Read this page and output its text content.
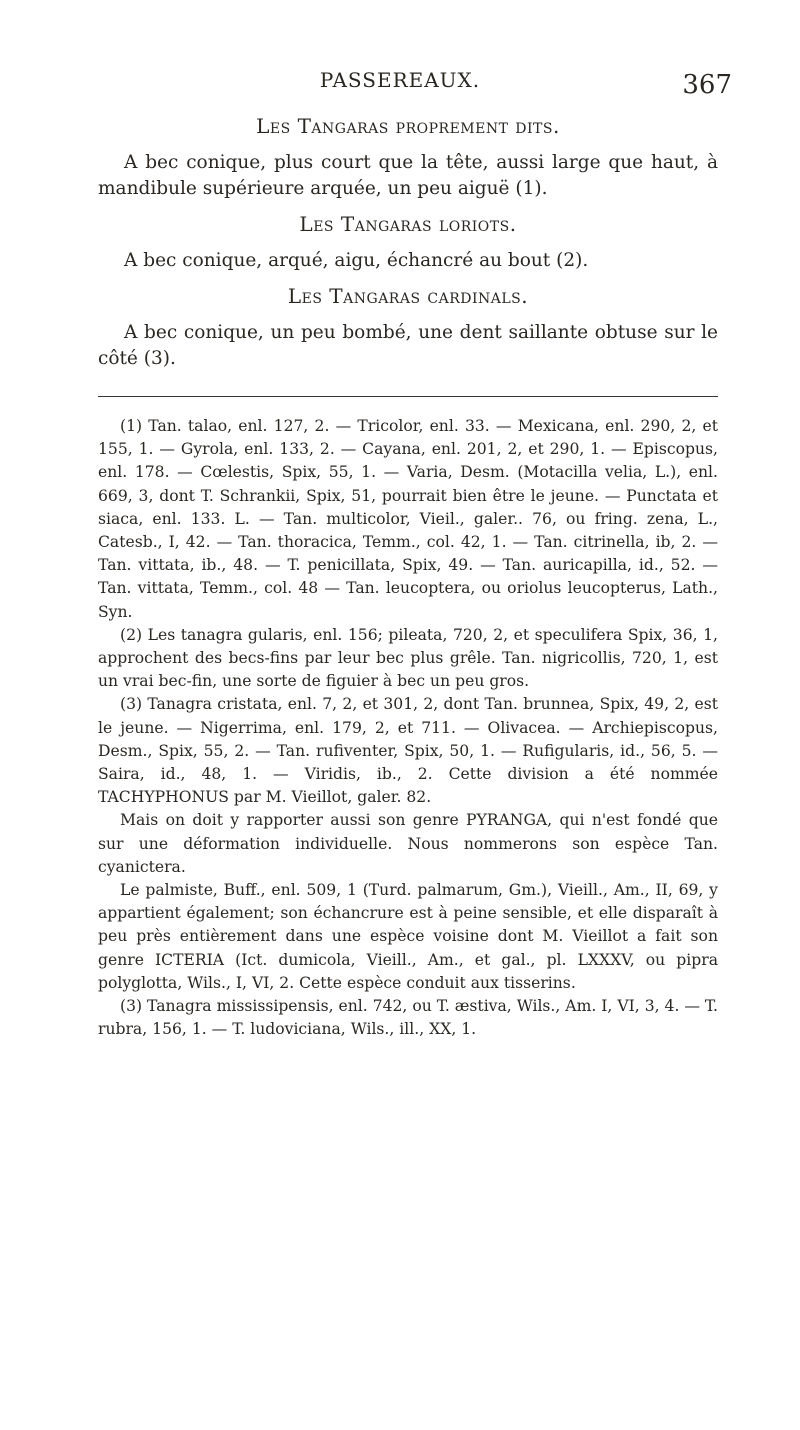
PASSEREAUX.	367
Les Tangaras proprement dits.

A bec conique, plus court que la tête, aussi large que haut, à mandibule supérieure arquée, un peu aiguë (1).

Les Tangaras loriots.

A bec conique, arqué, aigu, échancré au bout (2).

Les Tangaras cardinals.

A bec conique, un peu bombé, une dent saillante obtuse sur le côté (3).

(1) Tan. talao, enl. 127, 2. — Tricolor, enl. 33. — Mexicana, enl. 290, 2, et 155, 1. — Gyrola, enl. 133, 2. — Cayana, enl. 201, 2, et 290, 1. — Episcopus, enl. 178. — Cœlestis, Spix, 55, 1. — Varia, Desm. (Motacilla velia, L.), enl. 669, 3, dont T. Schrankii, Spix, 51, pourrait bien être le jeune. — Punctata et siaca, enl. 133. L. — Tan. multicolor, Vieil., galer.. 76, ou fring. zena, L., Catesb., I, 42. — Tan. thoracica, Temm., col. 42, 1. — Tan. citrinella, ib, 2. — Tan. vittata, ib., 48. — T. penicillata, Spix, 49. — Tan. auricapilla, id., 52. — Tan. vittata, Temm., col. 48 — Tan. leucoptera, ou oriolus leucopterus, Lath., Syn.

(2) Les tanagra gularis, enl. 156; pileata, 720, 2, et speculifera Spix, 36, 1, approchent des becs-fins par leur bec plus grêle. Tan. nigricollis, 720, 1, est un vrai bec-fin, une sorte de figuier à bec un peu gros.

(3) Tanagra cristata, enl. 7, 2, et 301, 2, dont Tan. brunnea, Spix, 49, 2, est le jeune. — Nigerrima, enl. 179, 2, et 711. — Olivacea. — Archiepiscopus, Desm., Spix, 55, 2. — Tan. rufiventer, Spix, 50, 1. — Rufigularis, id., 56, 5. — Saira, id., 48, 1. — Viridis, ib., 2. Cette division a été nommée TACHYPHONUS par M. Vieillot, galer. 82.

Mais on doit y rapporter aussi son genre PYRANGA, qui n'est fondé que sur une déformation individuelle. Nous nommerons son espèce Tan. cyanictera.

Le palmiste, Buff., enl. 509, 1 (Turd. palmarum, Gm.), Vieill., Am., II, 69, y appartient également; son échancrure est à peine sensible, et elle disparaît à peu près entièrement dans une espèce voisine dont M. Vieillot a fait son genre ICTERIA (Ict. dumicola, Vieill., Am., et gal., pl. LXXXV, ou pipra polyglotta, Wils., I, VI, 2. Cette espèce conduit aux tisserins.

(3) Tanagra mississipensis, enl. 742, ou T. æstiva, Wils., Am. I, VI, 3, 4. — T. rubra, 156, 1. — T. ludoviciana, Wils., ill., XX, 1.
